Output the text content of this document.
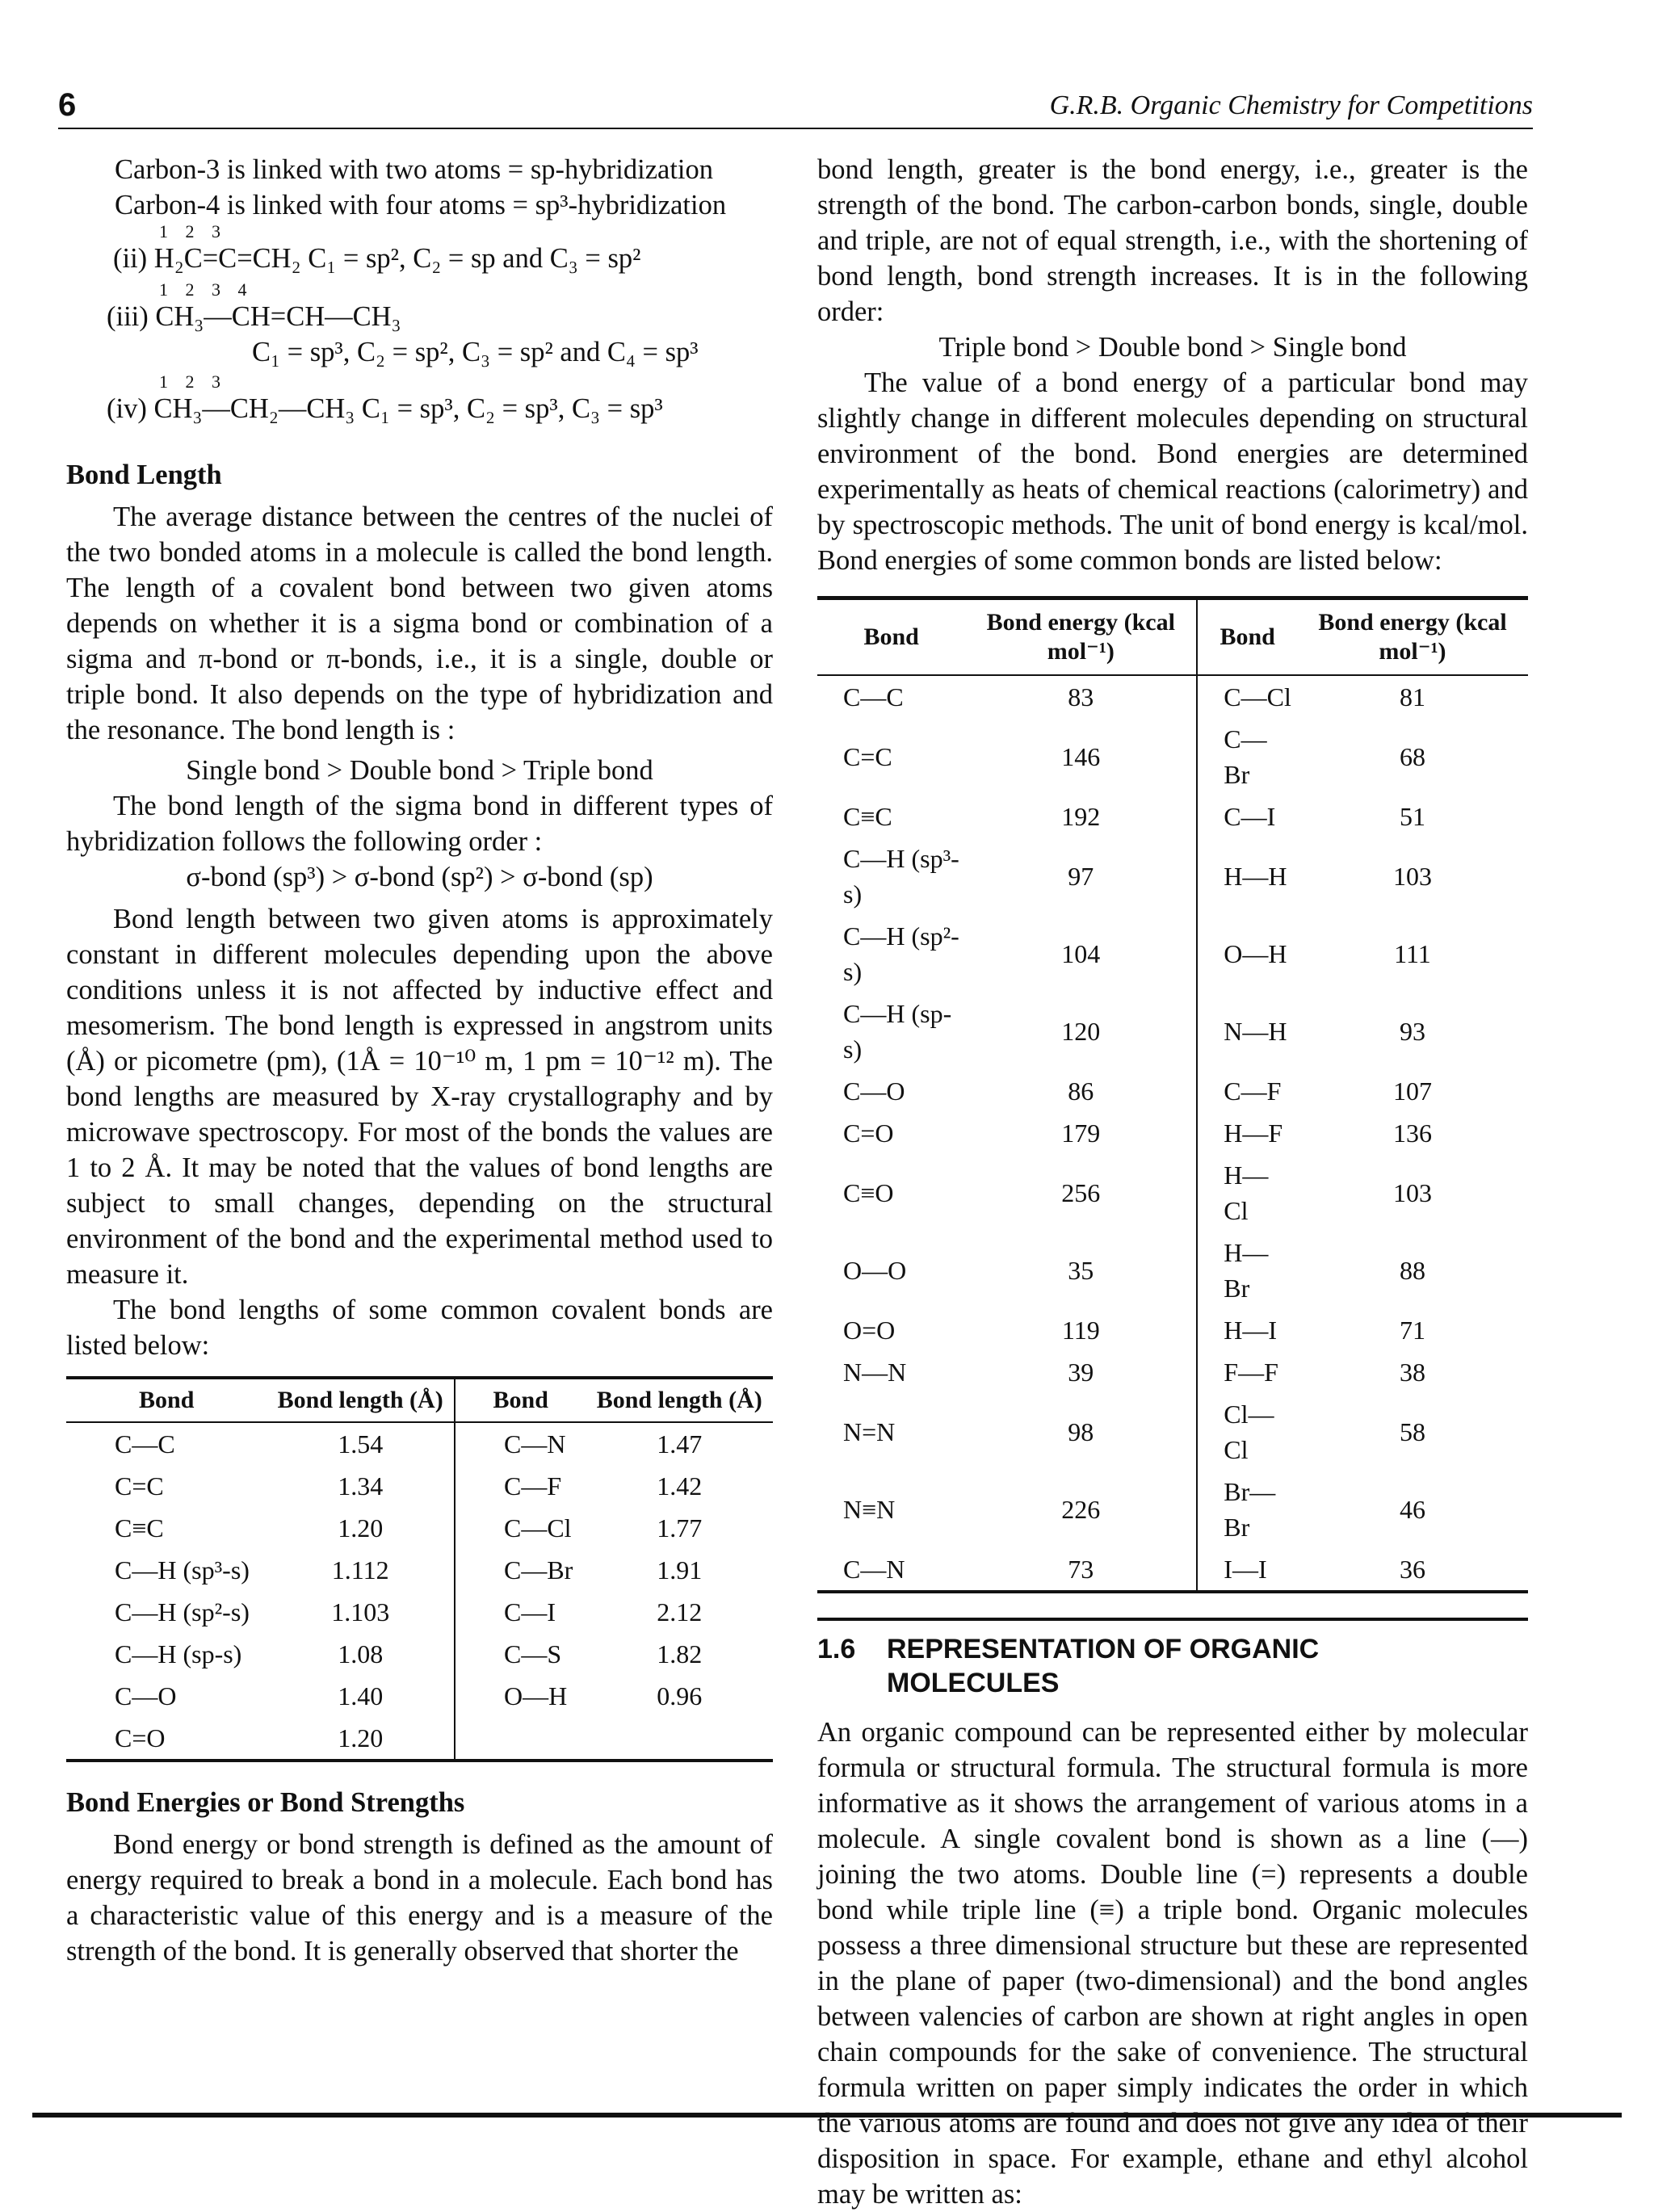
6	G.R.B. Organic Chemistry for Competitions
Carbon-3 is linked with two atoms = sp-hybridization
Carbon-4 is linked with four atoms = sp³-hybridization
1 2 3
(ii) H₂C=C=CH₂ C₁ = sp², C₂ = sp and C₃ = sp²
1 2 3 4
(iii) CH₃—CH=CH—CH₃
C₁ = sp³, C₂ = sp², C₃ = sp² and C₄ = sp³
1 2 3
(iv) CH₃—CH₂—CH₃ C₁ = sp³, C₂ = sp³, C₃ = sp³
Bond Length

The average distance between the centres of the nuclei of the two bonded atoms in a molecule is called the bond length. The length of a covalent bond between two given atoms depends on whether it is a sigma bond or combination of a sigma and π-bond or π-bonds, i.e., it is a single, double or triple bond. It also depends on the type of hybridization and the resonance. The bond length is :

Single bond > Double bond > Triple bond

The bond length of the sigma bond in different types of hybridization follows the following order :

σ-bond (sp³) > σ-bond (sp²) > σ-bond (sp)

Bond length between two given atoms is approximately constant in different molecules depending upon the above conditions unless it is not affected by inductive effect and mesomerism. The bond length is expressed in angstrom units (Å) or picometre (pm), (1Å = 10⁻¹⁰ m, 1 pm = 10⁻¹² m). The bond lengths are measured by X-ray crystallography and by microwave spectroscopy. For most of the bonds the values are 1 to 2 Å. It may be noted that the values of bond lengths are subject to small changes, depending on the structural environment of the bond and the experimental method used to measure it.

The bond lengths of some common covalent bonds are listed below:

Bond	Bond length (Å)	Bond	Bond length (Å)
C—C	1.54	C—N	1.47
C=C	1.34	C—F	1.42
C≡C	1.20	C—Cl	1.77
C—H (sp³-s)	1.112	C—Br	1.91
C—H (sp²-s)	1.103	C—I	2.12
C—H (sp-s)	1.08	C—S	1.82
C—O	1.40	O—H	0.96
C=O	1.20		
Bond Energies or Bond Strengths

Bond energy or bond strength is defined as the amount of energy required to break a bond in a molecule. Each bond has a characteristic value of this energy and is a measure of the strength of the bond. It is generally observed that shorter the

bond length, greater is the bond energy, i.e., greater is the strength of the bond. The carbon-carbon bonds, single, double and triple, are not of equal strength, i.e., with the shortening of bond length, bond strength increases. It is in the following order:

Triple bond > Double bond > Single bond

The value of a bond energy of a particular bond may slightly change in different molecules depending on structural environment of the bond. Bond energies are determined experimentally as heats of chemical reactions (calorimetry) and by spectroscopic methods. The unit of bond energy is kcal/mol. Bond energies of some common bonds are listed below:

Bond	Bond energy (kcal mol⁻¹)	Bond	Bond energy (kcal mol⁻¹)
C—C	83	C—Cl	81
C=C	146	C—Br	68
C≡C	192	C—I	51
C—H (sp³-s)	97	H—H	103
C—H (sp²-s)	104	O—H	111
C—H (sp-s)	120	N—H	93
C—O	86	C—F	107
C=O	179	H—F	136
C≡O	256	H—Cl	103
O—O	35	H—Br	88
O=O	119	H—I	71
N—N	39	F—F	38
N=N	98	Cl—Cl	58
N≡N	226	Br—Br	46
C—N	73	I—I	36
1.6 REPRESENTATION OF ORGANIC
MOLECULES

An organic compound can be represented either by molecular formula or structural formula. The structural formula is more informative as it shows the arrangement of various atoms in a molecule. A single covalent bond is shown as a line (—) joining the two atoms. Double line (=) represents a double bond while triple line (≡) a triple bond. Organic molecules possess a three dimensional structure but these are represented in the plane of paper (two-dimensional) and the bond angles between valencies of carbon are shown at right angles in open chain compounds for the sake of convenience. The structural formula written on paper simply indicates the order in which the various atoms are found and does not give any idea of their disposition in space. For example, ethane and ethyl alcohol may be written as:
